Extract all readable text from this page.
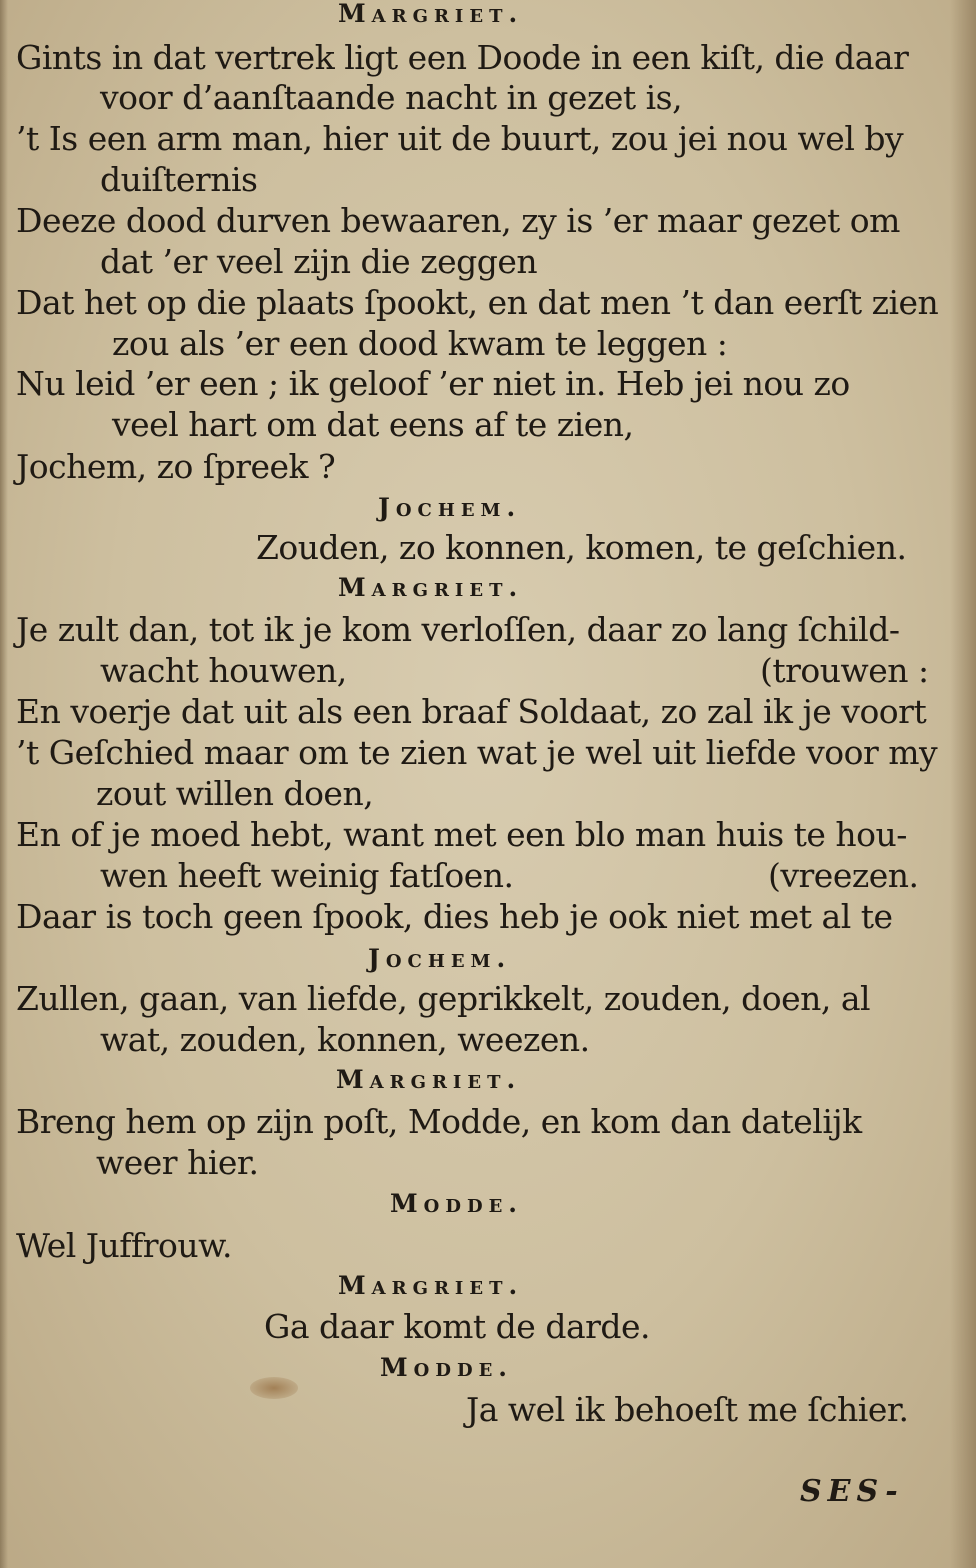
Margriet.
Gints in dat vertrek ligt een Doode in een kiſt, die daar
voor d’aanſtaande nacht in gezet is,
’t Is een arm man, hier uit de buurt, zou jei nou wel by
duiſternis
Deeze dood durven bewaaren, zy is ’er maar gezet om
dat ’er veel zijn die zeggen
Dat het op die plaats ſpookt, en dat men ’t dan eerſt zien
zou als ’er een dood kwam te leggen :
Nu leid ’er een ; ik geloof ’er niet in. Heb jei nou zo
veel hart om dat eens af te zien,
Jochem, zo ſpreek ?
Jochem.
Zouden, zo konnen, komen, te geſchien.
Margriet.
Je zult dan, tot ik je kom verloſſen, daar zo lang ſchild-
wacht houwen,	(trouwen :
En voerje dat uit als een braaf Soldaat, zo zal ik je voort
’t Geſchied maar om te zien wat je wel uit liefde voor my
zout willen doen,
En of je moed hebt, want met een blo man huis te hou-
wen heeft weinig fatſoen.	(vreezen.
Daar is toch geen ſpook, dies heb je ook niet met al te
Jochem.
Zullen, gaan, van liefde, geprikkelt, zouden, doen, al
wat, zouden, konnen, weezen.
Margriet.
Breng hem op zijn poſt, Modde, en kom dan datelijk
weer hier.
Modde.
Wel Juffrouw.
Margriet.
Ga daar komt de darde.
Modde.
Ja wel ik behoeſt me ſchier.
SES-
